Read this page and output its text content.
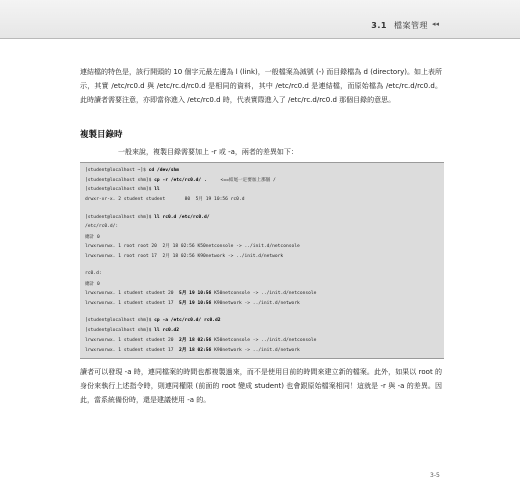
3.1 檔案管理 ◂◂
連結檔的特色是，該行開頭的 10 個字元最左邊為 l (link)，一般檔案為減號 (-) 而目錄檔為 d (directory)。如上表所示，其實 /etc/rc0.d 與 /etc/rc.d/rc0.d 是相同的資料，其中 /etc/rc0.d 是連結檔，而原始檔為 /etc/rc.d/rc0.d。此時讀者需要注意，亦即當你進入 /etc/rc0.d 時，代表實際進入了 /etc/rc.d/rc0.d 那個目錄的意思。
複製目錄時
一般來說，複製目錄需要加上 -r 或 -a，兩者的差異如下：
[student@localhost ~]$ cd /dev/shm
[student@localhost shm]$ cp -r /etc/rc0.d/ .     <==結尾一定要加上那個 /
[student@localhost shm]$ ll
drwxr-xr-x. 2 student student       80  5月 19 10:56 rc0.d
[student@localhost shm]$ ll rc0.d /etc/rc0.d/
/etc/rc0.d/:
總計 0
lrwxrwxrwx. 1 root root 20  2月 18 02:56 K50netconsole -> ../init.d/netconsole
lrwxrwxrwx. 1 root root 17  2月 18 02:56 K90network -> ../init.d/network
rc0.d:
總計 0
lrwxrwxrwx. 1 student student 20  5月 19 10:56 K50netconsole -> ../init.d/netconsole
lrwxrwxrwx. 1 student student 17  5月 19 10:56 K90network -> ../init.d/network
[student@localhost shm]$ cp -a /etc/rc0.d/ rc0.d2
[student@localhost shm]$ ll rc0.d2
lrwxrwxrwx. 1 student student 20  2月 18 02:56 K50netconsole -> ../init.d/netconsole
lrwxrwxrwx. 1 student student 17  2月 18 02:56 K90network -> ../init.d/network
讀者可以發現 -a 時，連同檔案的時間也都複製過來，而不是使用目前的時間來建立新的檔案。此外，如果以 root 的身份來執行上述指令時，則連同權限 (前面的 root 變成 student) 也會跟原始檔案相同！這就是 -r 與 -a 的差異。因此，當系統備份時，還是建議使用 -a 的。
3-5
